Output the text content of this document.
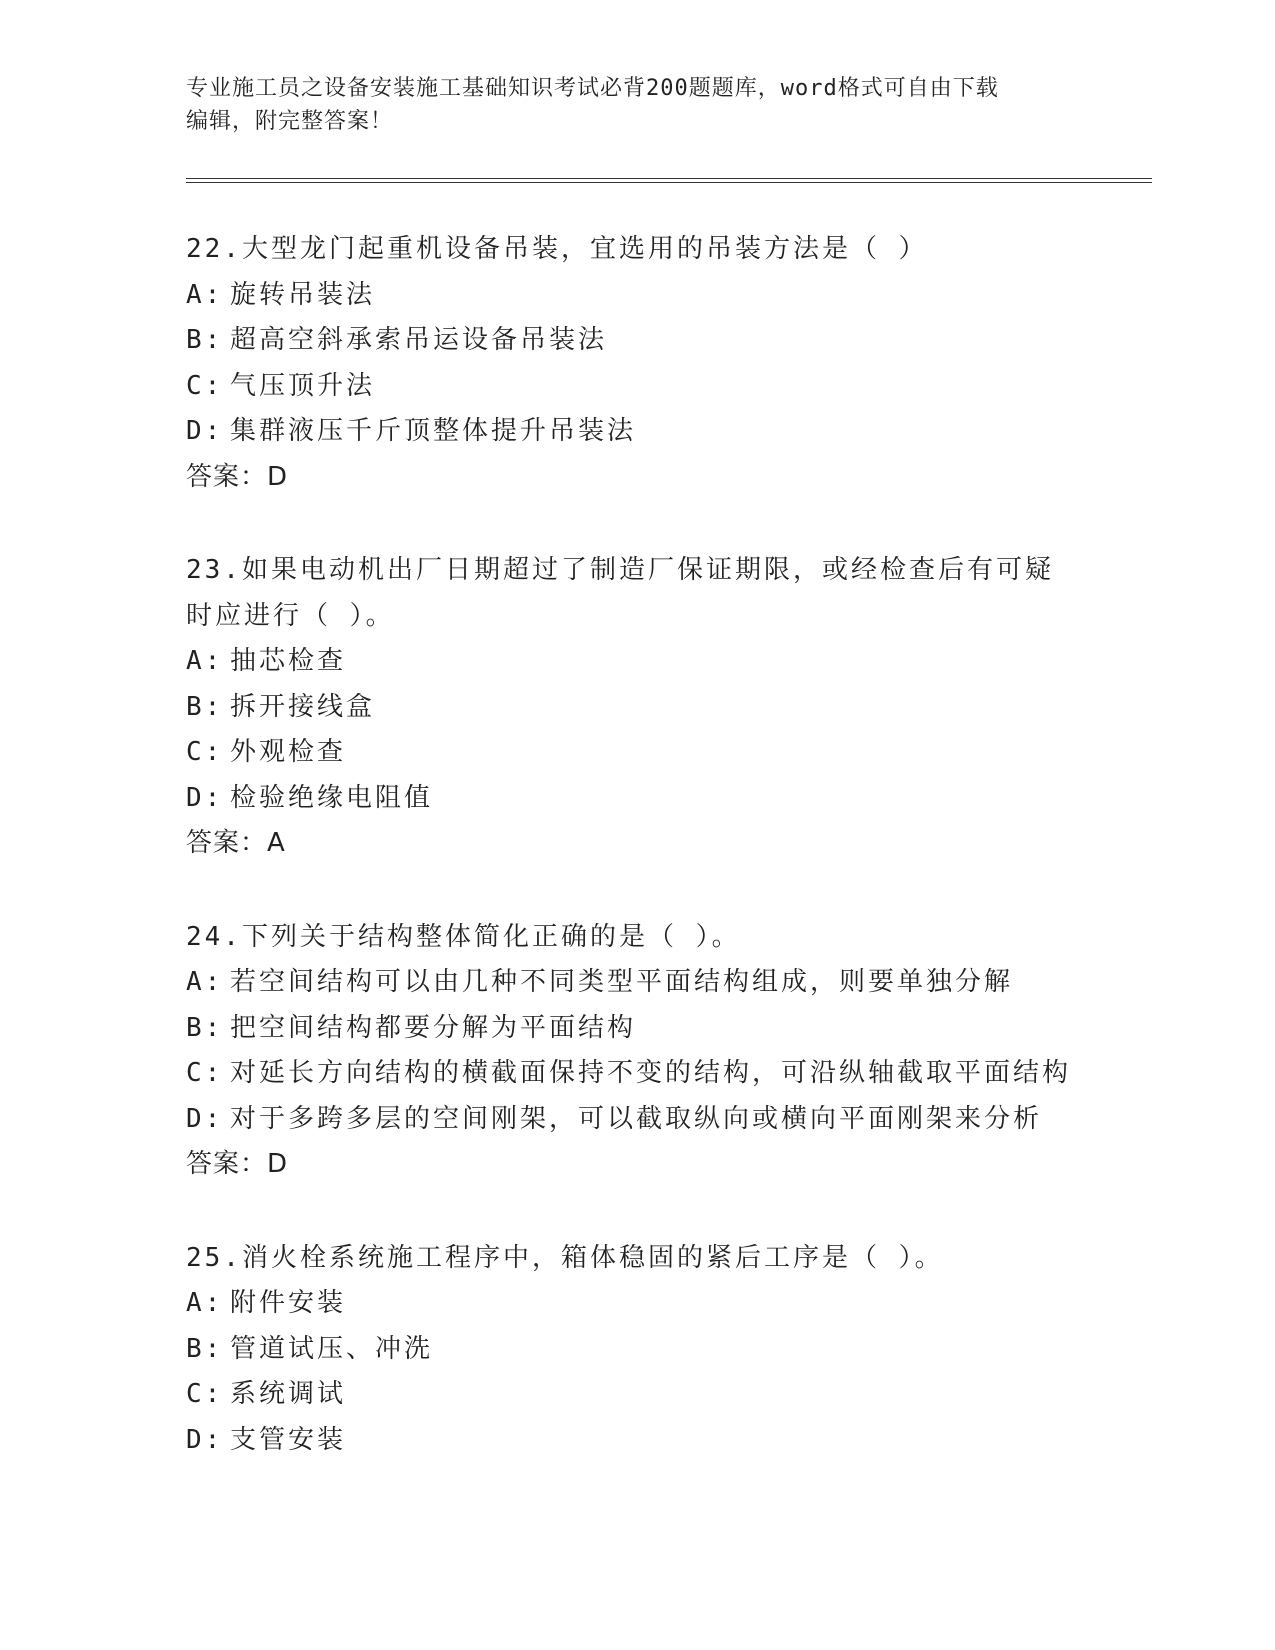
专业施工员之设备安装施工基础知识考试必背200题题库，word格式可自由下载
编辑，附完整答案！

22.大型龙门起重机设备吊装，宜选用的吊装方法是（ ）

A: 旋转吊装法

B: 超高空斜承索吊运设备吊装法

C: 气压顶升法

D: 集群液压千斤顶整体提升吊装法

答案：D

23.如果电动机出厂日期超过了制造厂保证期限，或经检查后有可疑时应进行（ ）。

A: 抽芯检查

B: 拆开接线盒

C: 外观检查

D: 检验绝缘电阻值

答案：A

24.下列关于结构整体简化正确的是（ ）。

A: 若空间结构可以由几种不同类型平面结构组成，则要单独分解

B: 把空间结构都要分解为平面结构

C: 对延长方向结构的横截面保持不变的结构，可沿纵轴截取平面结构

D: 对于多跨多层的空间刚架，可以截取纵向或横向平面刚架来分析

答案：D

25.消火栓系统施工程序中，箱体稳固的紧后工序是（ ）。

A: 附件安装

B: 管道试压、冲洗

C: 系统调试

D: 支管安装
